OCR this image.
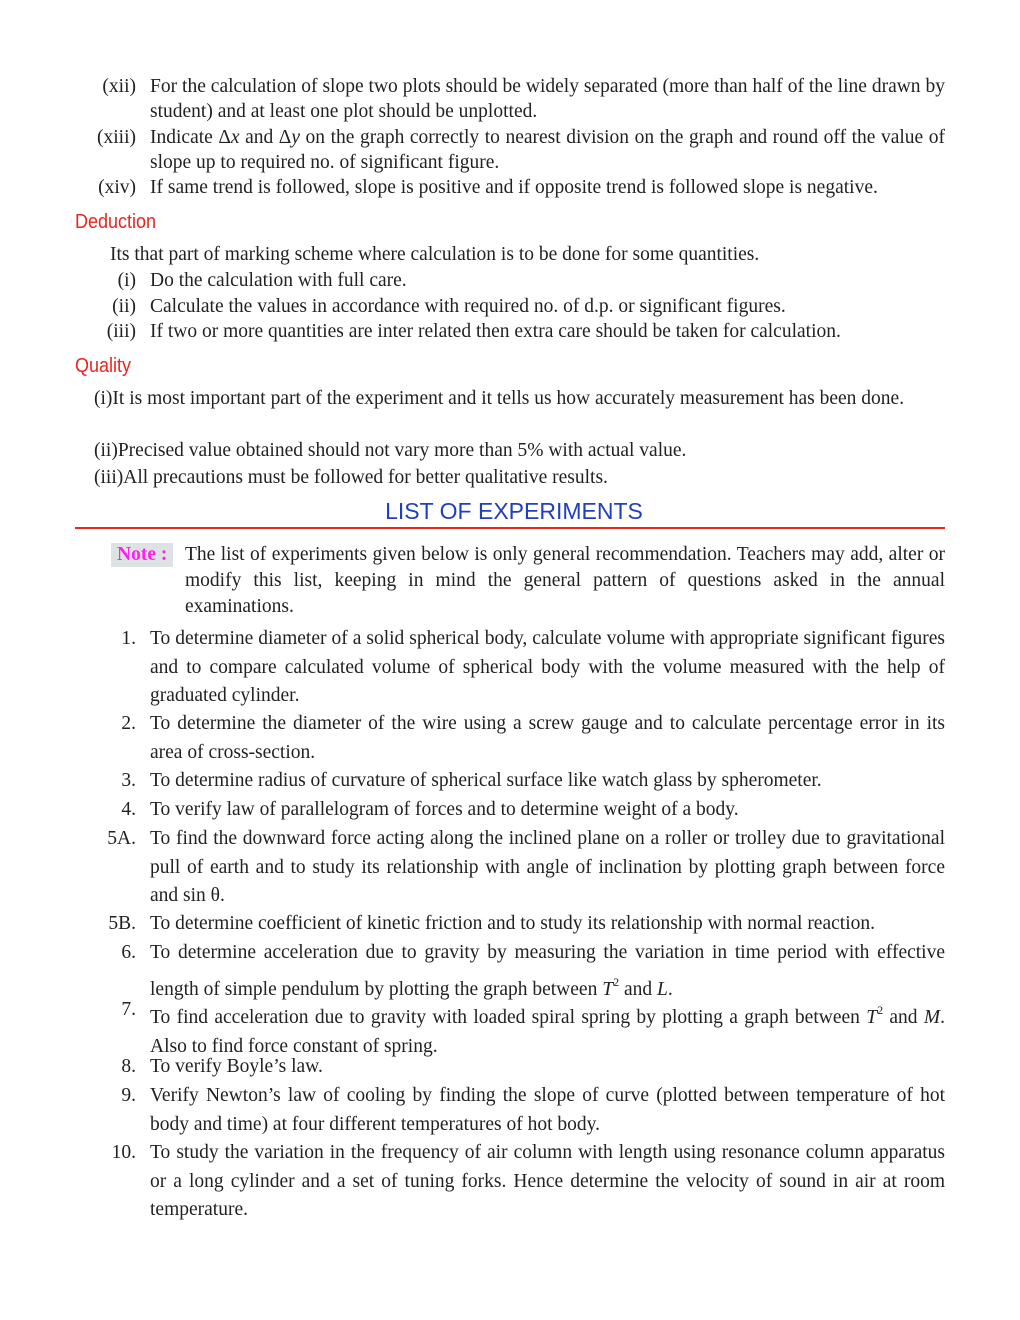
Deduction
Its that part of marking scheme where calculation is to be done for some quantities.
Quality
LIST OF EXPERIMENTS
Note : The list of experiments given below is only general recommendation. Teachers may add, alter or modify this list, keeping in mind the general pattern of questions asked in the annual examinations.
(xii) For the calculation of slope two plots should be widely separated (more than half of the line drawn by student) and at least one plot should be unplotted.
(xiii) Indicate Δx and Δy on the graph correctly to nearest division on the graph and round off the value of slope up to required no. of significant figure.
(xiv) If same trend is followed, slope is positive and if opposite trend is followed slope is negative.
(i) Do the calculation with full care.
(ii) Calculate the values in accordance with required no. of d.p. or significant figures.
(iii) If two or more quantities are inter related then extra care should be taken for calculation.
(i)It is most important part of the experiment and it tells us how accurately measurement has been done.
(ii)Precised value obtained should not vary more than 5% with actual value.
(iii)All precautions must be followed for better qualitative results.
1. To determine diameter of a solid spherical body, calculate volume with appropriate significant figures and to compare calculated volume of spherical body with the volume measured with the help of graduated cylinder.
2. To determine the diameter of the wire using a screw gauge and to calculate percentage error in its area of cross-section.
3. To determine radius of curvature of spherical surface like watch glass by spherometer.
4. To verify law of parallelogram of forces and to determine weight of a body.
5A. To find the downward force acting along the inclined plane on a roller or trolley due to gravitational pull of earth and to study its relationship with angle of inclination by plotting graph between force and sin θ.
5B. To determine coefficient of kinetic friction and to study its relationship with normal reaction.
6. To determine acceleration due to gravity by measuring the variation in time period with effective length of simple pendulum by plotting the graph between $T^2$ and L.
7. To find acceleration due to gravity with loaded spiral spring by plotting a graph between $T^2$ and M. Also to find force constant of spring.
8. To verify Boyle’s law.
9. Verify Newton’s law of cooling by finding the slope of curve (plotted between temperature of hot body and time) at four different temperatures of hot body.
10. To study the variation in the frequency of air column with length using resonance column apparatus or a long cylinder and a set of tuning forks. Hence determine the velocity of sound in air at room temperature.
